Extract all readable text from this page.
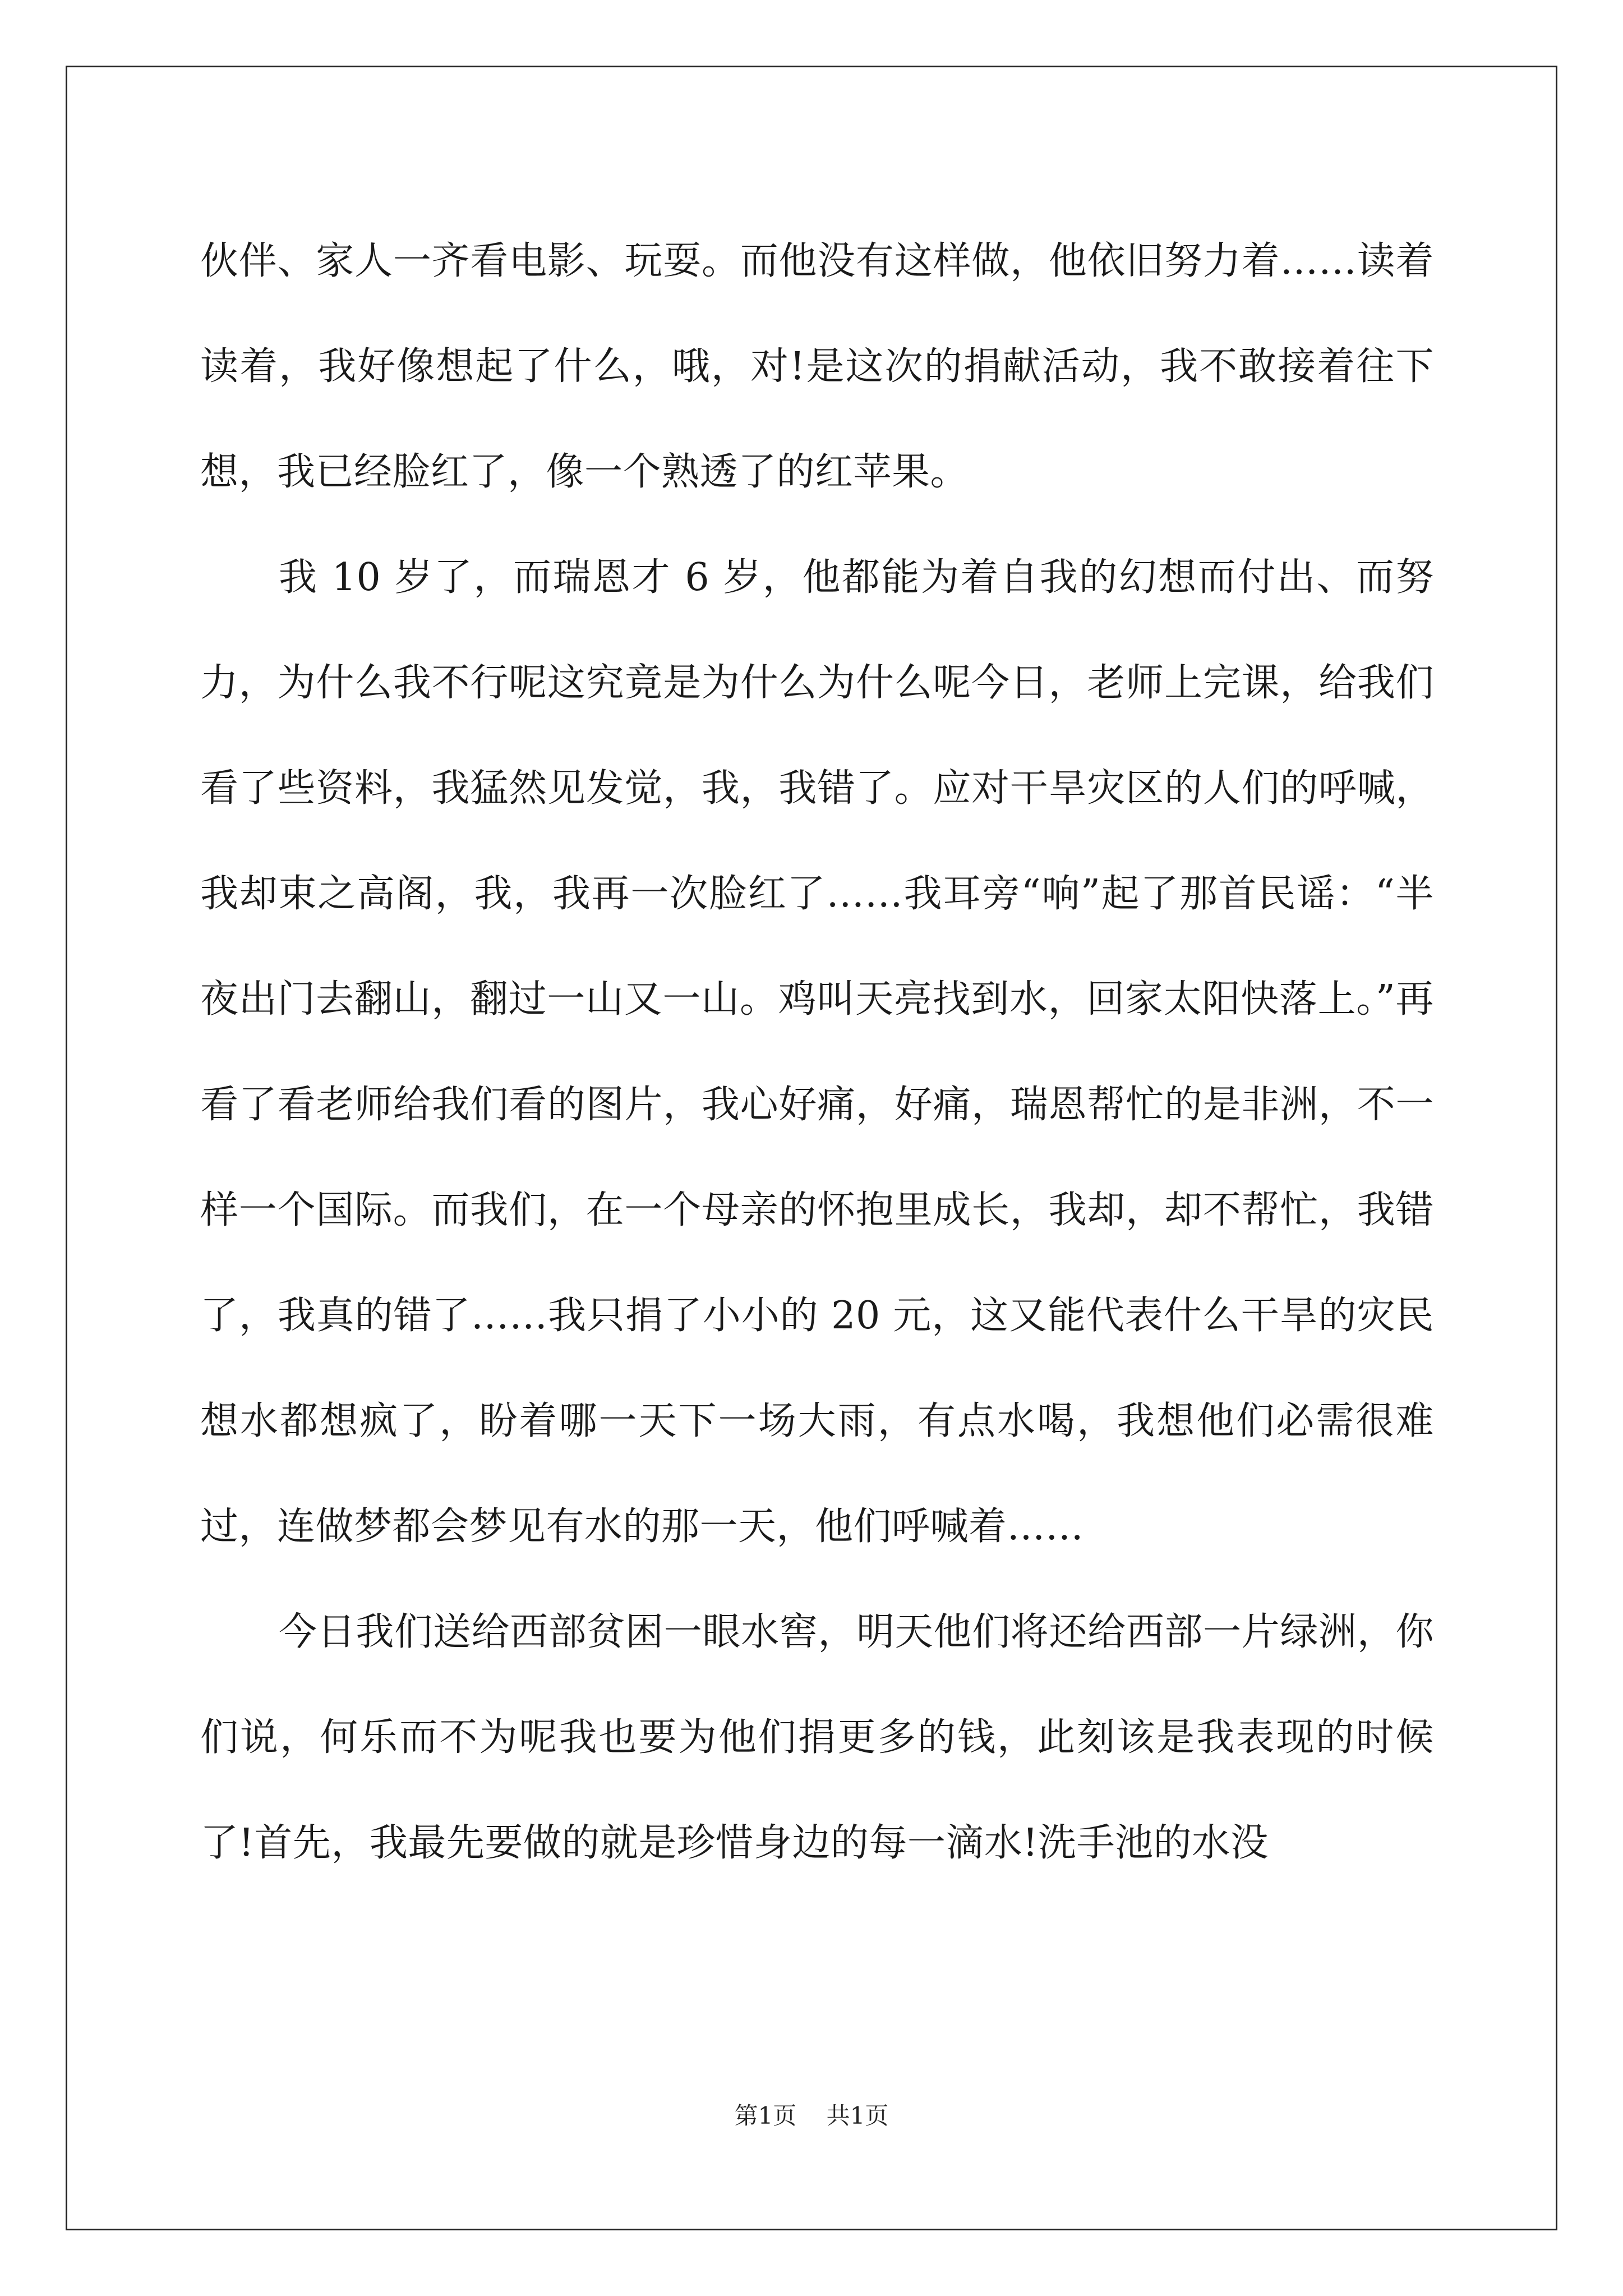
伙伴、家人一齐看电影、玩耍。而他没有这样做，他依旧努力着……读着读着，我好像想起了什么，哦，对!是这次的捐献活动，我不敢接着往下想，我已经脸红了，像一个熟透了的红苹果。

我 10 岁了，而瑞恩才 6 岁，他都能为着自我的幻想而付出、而努力，为什么我不行呢这究竟是为什么为什么呢今日，老师上完课，给我们看了些资料，我猛然见发觉，我，我错了。应对干旱灾区的人们的呼喊，我却束之高阁，我，我再一次脸红了……我耳旁“响”起了那首民谣：“半夜出门去翻山，翻过一山又一山。鸡叫天亮找到水，回家太阳快落上。”再看了看老师给我们看的图片，我心好痛，好痛，瑞恩帮忙的是非洲，不一样一个国际。而我们，在一个母亲的怀抱里成长，我却，却不帮忙，我错了，我真的错了……我只捐了小小的 20 元，这又能代表什么干旱的灾民想水都想疯了，盼着哪一天下一场大雨，有点水喝，我想他们必需很难过，连做梦都会梦见有水的那一天，他们呼喊着……

今日我们送给西部贫困一眼水窖，明天他们将还给西部一片绿洲，你们说，何乐而不为呢我也要为他们捐更多的钱，此刻该是我表现的时候了!首先，我最先要做的就是珍惜身边的每一滴水!洗手池的水没

第1页 共1页
